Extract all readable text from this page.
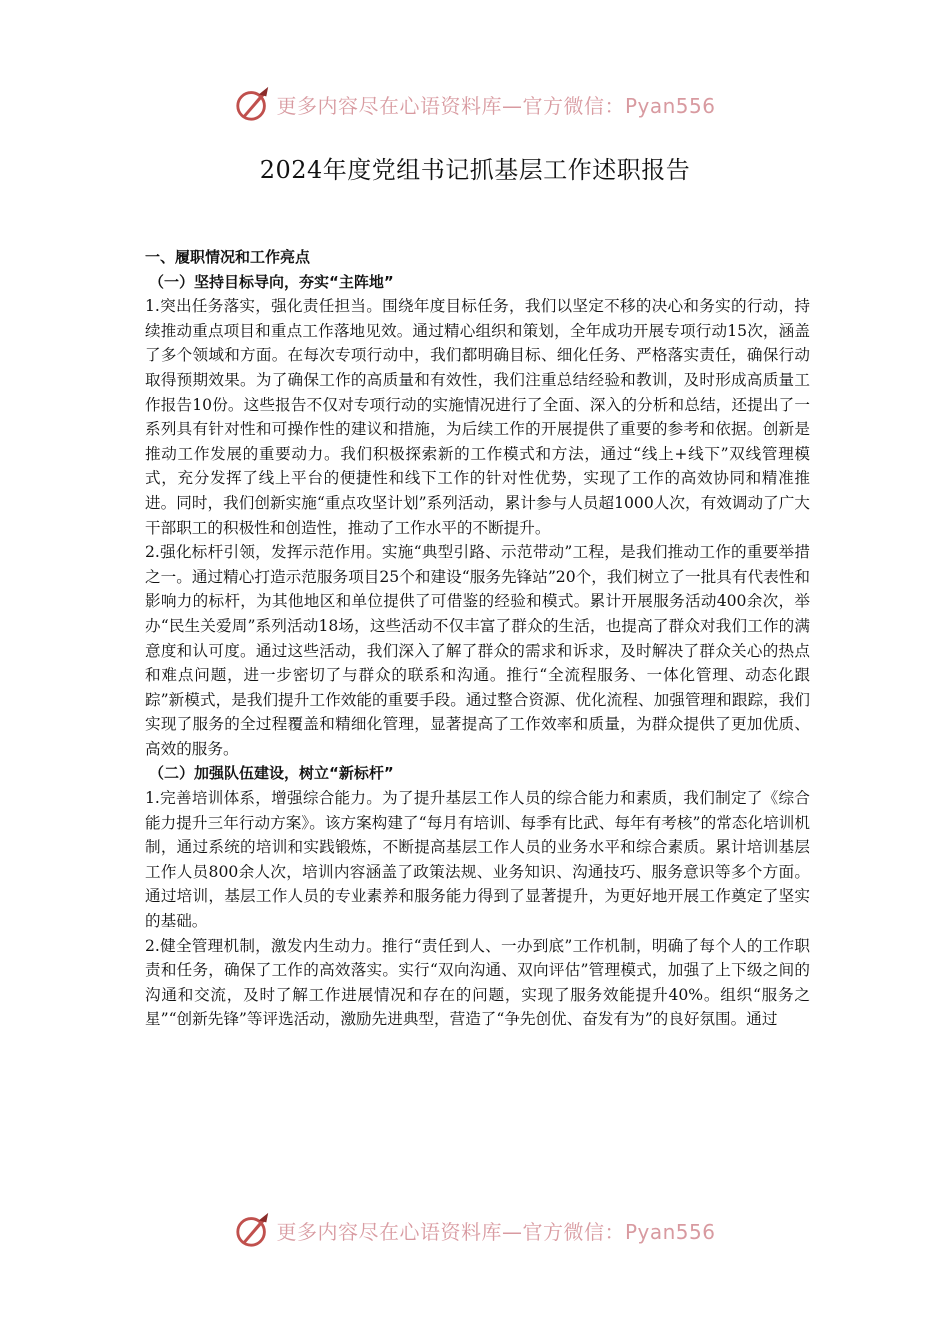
更多内容尽在心语资料库—官方微信：Pyan556
2024年度党组书记抓基层工作述职报告

一、履职情况和工作亮点

（一）坚持目标导向，夯实“主阵地”

1.突出任务落实，强化责任担当。围绕年度目标任务，我们以坚定不移的决心和务实的行动，持续推动重点项目和重点工作落地见效。通过精心组织和策划，全年成功开展专项行动15次，涵盖了多个领域和方面。在每次专项行动中，我们都明确目标、细化任务、严格落实责任，确保行动取得预期效果。为了确保工作的高质量和有效性，我们注重总结经验和教训，及时形成高质量工作报告10份。这些报告不仅对专项行动的实施情况进行了全面、深入的分析和总结，还提出了一系列具有针对性和可操作性的建议和措施，为后续工作的开展提供了重要的参考和依据。创新是推动工作发展的重要动力。我们积极探索新的工作模式和方法，通过“线上+线下”双线管理模式，充分发挥了线上平台的便捷性和线下工作的针对性优势，实现了工作的高效协同和精准推进。同时，我们创新实施“重点攻坚计划”系列活动，累计参与人员超1000人次，有效调动了广大干部职工的积极性和创造性，推动了工作水平的不断提升。

2.强化标杆引领，发挥示范作用。实施“典型引路、示范带动”工程，是我们推动工作的重要举措之一。通过精心打造示范服务项目25个和建设“服务先锋站”20个，我们树立了一批具有代表性和影响力的标杆，为其他地区和单位提供了可借鉴的经验和模式。累计开展服务活动400余次，举办“民生关爱周”系列活动18场，这些活动不仅丰富了群众的生活，也提高了群众对我们工作的满意度和认可度。通过这些活动，我们深入了解了群众的需求和诉求，及时解决了群众关心的热点和难点问题，进一步密切了与群众的联系和沟通。推行“全流程服务、一体化管理、动态化跟踪”新模式，是我们提升工作效能的重要手段。通过整合资源、优化流程、加强管理和跟踪，我们实现了服务的全过程覆盖和精细化管理，显著提高了工作效率和质量，为群众提供了更加优质、高效的服务。

（二）加强队伍建设，树立“新标杆”

1.完善培训体系，增强综合能力。为了提升基层工作人员的综合能力和素质，我们制定了《综合能力提升三年行动方案》。该方案构建了“每月有培训、每季有比武、每年有考核”的常态化培训机制，通过系统的培训和实践锻炼，不断提高基层工作人员的业务水平和综合素质。累计培训基层工作人员800余人次，培训内容涵盖了政策法规、业务知识、沟通技巧、服务意识等多个方面。通过培训，基层工作人员的专业素养和服务能力得到了显著提升，为更好地开展工作奠定了坚实的基础。

2.健全管理机制，激发内生动力。推行“责任到人、一办到底”工作机制，明确了每个人的工作职责和任务，确保了工作的高效落实。实行“双向沟通、双向评估”管理模式，加强了上下级之间的沟通和交流，及时了解工作进展情况和存在的问题，实现了服务效能提升40%。组织“服务之星”“创新先锋”等评选活动，激励先进典型，营造了“争先创优、奋发有为”的良好氛围。通过

更多内容尽在心语资料库—官方微信：Pyan556
